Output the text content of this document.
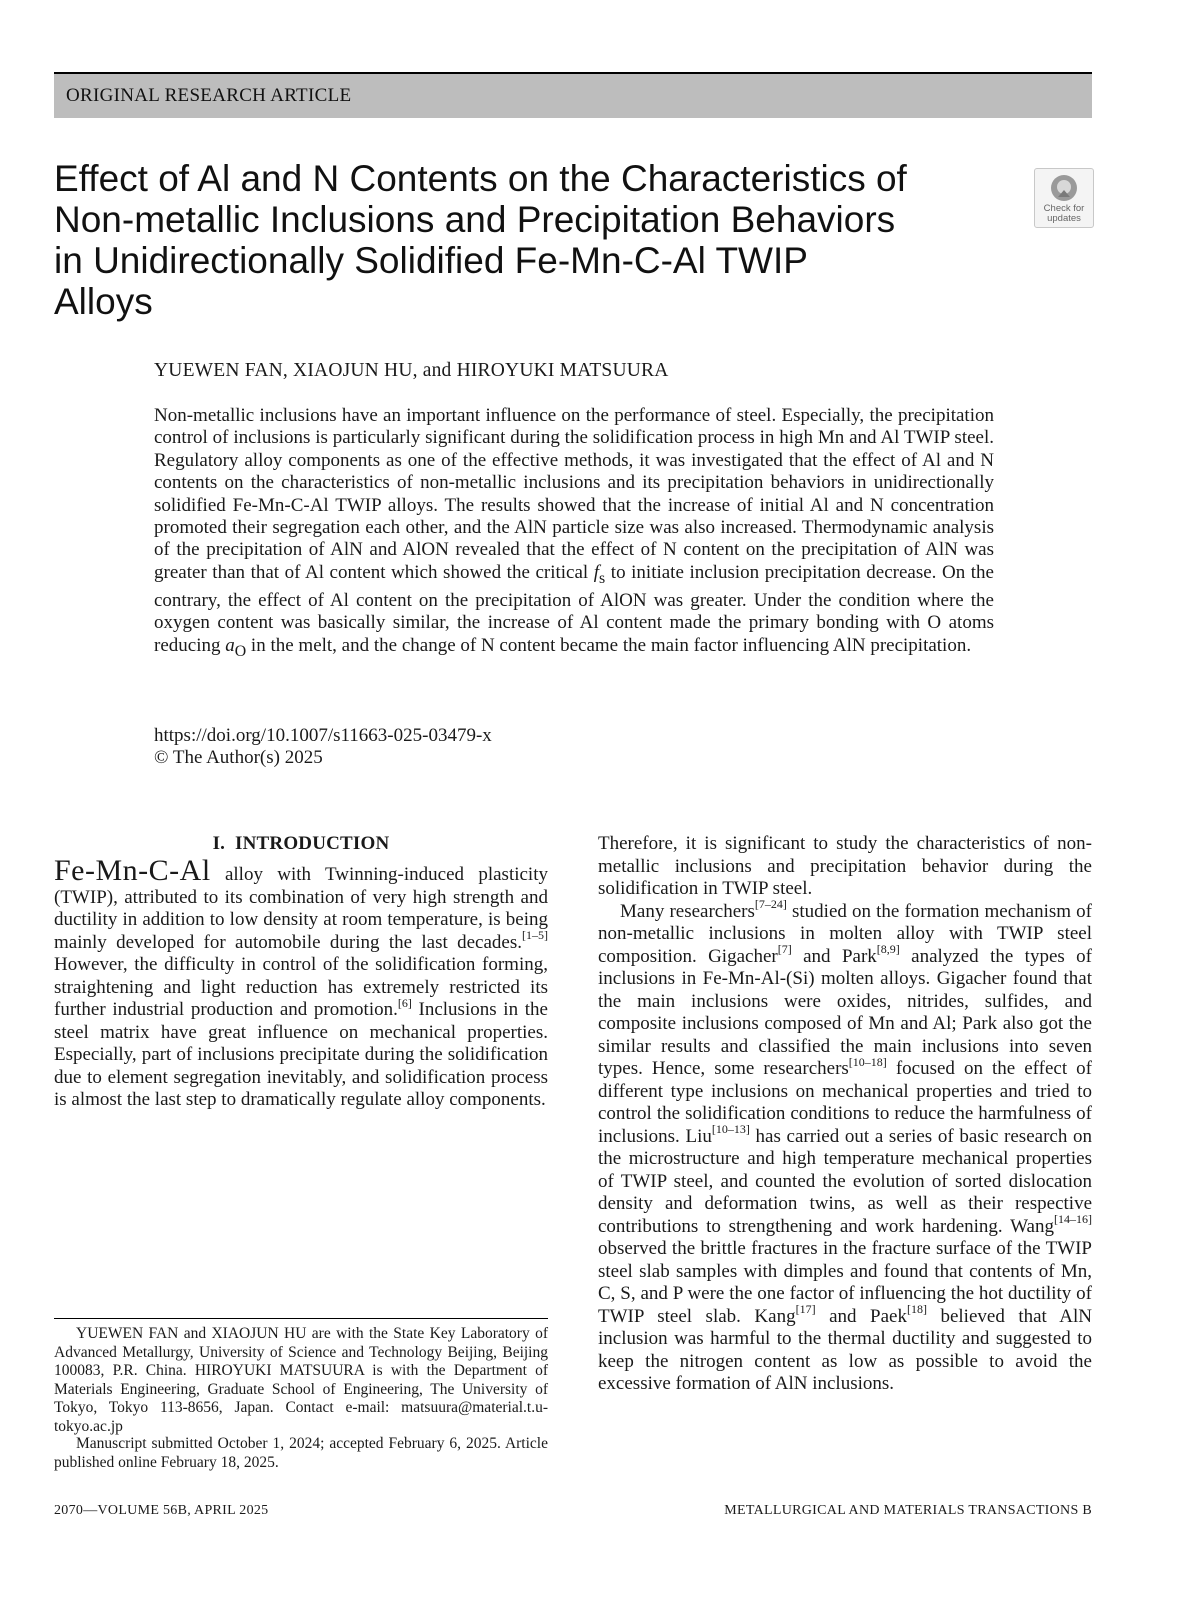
ORIGINAL RESEARCH ARTICLE
Effect of Al and N Contents on the Characteristics of Non-metallic Inclusions and Precipitation Behaviors in Unidirectionally Solidified Fe-Mn-C-Al TWIP Alloys
Check for
updates
YUEWEN FAN, XIAOJUN HU, and HIROYUKI MATSUURA

Non-metallic inclusions have an important influence on the performance of steel. Especially, the precipitation control of inclusions is particularly significant during the solidification process in high Mn and Al TWIP steel. Regulatory alloy components as one of the effective methods, it was investigated that the effect of Al and N contents on the characteristics of non-metallic inclusions and its precipitation behaviors in unidirectionally solidified Fe-Mn-C-Al TWIP alloys. The results showed that the increase of initial Al and N concentration promoted their segregation each other, and the AlN particle size was also increased. Thermodynamic analysis of the precipitation of AlN and AlON revealed that the effect of N content on the precipitation of AlN was greater than that of Al content which showed the critical $f_s$ to initiate inclusion precipitation decrease. On the contrary, the effect of Al content on the precipitation of AlON was greater. Under the condition where the oxygen content was basically similar, the increase of Al content made the primary bonding with O atoms reducing $a_O$ in the melt, and the change of N content became the main factor influencing AlN precipitation.

https://doi.org/10.1007/s11663-025-03479-x
© The Author(s) 2025
I.  INTRODUCTION

Fe-Mn-C-Al alloy with Twinning-induced plasticity (TWIP), attributed to its combination of very high strength and ductility in addition to low density at room temperature, is being mainly developed for automobile during the last decades.[1–5] However, the difficulty in control of the solidification forming, straightening and light reduction has extremely restricted its further industrial production and promotion.[6] Inclusions in the steel matrix have great influence on mechanical properties. Especially, part of inclusions precipitate during the solidification due to element segregation inevitably, and solidification process is almost the last step to dramatically regulate alloy components.

Therefore, it is significant to study the characteristics of non-metallic inclusions and precipitation behavior during the solidification in TWIP steel.

Many researchers[7–24] studied on the formation mechanism of non-metallic inclusions in molten alloy with TWIP steel composition. Gigacher[7] and Park[8,9] analyzed the types of inclusions in Fe-Mn-Al-(Si) molten alloys. Gigacher found that the main inclusions were oxides, nitrides, sulfides, and composite inclusions composed of Mn and Al; Park also got the similar results and classified the main inclusions into seven types. Hence, some researchers[10–18] focused on the effect of different type inclusions on mechanical properties and tried to control the solidification conditions to reduce the harmfulness of inclusions. Liu[10–13] has carried out a series of basic research on the microstructure and high temperature mechanical properties of TWIP steel, and counted the evolution of sorted dislocation density and deformation twins, as well as their respective contributions to strengthening and work hardening. Wang[14–16] observed the brittle fractures in the fracture surface of the TWIP steel slab samples with dimples and found that contents of Mn, C, S, and P were the one factor of influencing the hot ductility of TWIP steel slab. Kang[17] and Paek[18] believed that AlN inclusion was harmful to the thermal ductility and suggested to keep the nitrogen content as low as possible to avoid the excessive formation of AlN inclusions.

YUEWEN FAN and XIAOJUN HU are with the State Key Laboratory of Advanced Metallurgy, University of Science and Technology Beijing, Beijing 100083, P.R. China. HIROYUKI MATSUURA is with the Department of Materials Engineering, Graduate School of Engineering, The University of Tokyo, Tokyo 113-8656, Japan. Contact e-mail: matsuura@material.t.u-tokyo.ac.jp

Manuscript submitted October 1, 2024; accepted February 6, 2025. Article published online February 18, 2025.

2070—VOLUME 56B, APRIL 2025	METALLURGICAL AND MATERIALS TRANSACTIONS B
